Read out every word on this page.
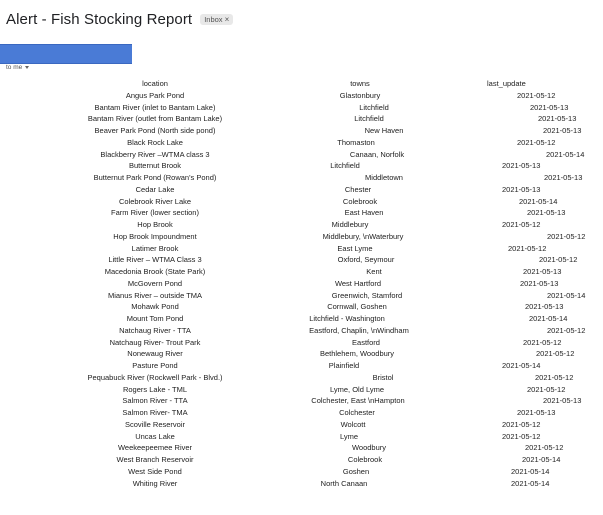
Alert - Fish Stocking Report Inbox ×
to me
location	towns	last_update
Angus Park Pond	Glastonbury	2021-05-12
Bantam River (inlet to Bantam Lake)	Litchfield	2021-05-13
Bantam River (outlet from Bantam Lake)	Litchfield	2021-05-13
Beaver Park Pond (North side pond)	New Haven	2021-05-13
Black Rock Lake	Thomaston	2021-05-12
Blackberry River –WTMA class 3	Canaan, Norfolk	2021-05-14
Butternut Brook	Litchfield	2021-05-13
Butternut Park Pond (Rowan's Pond)	Middletown	2021-05-13
Cedar Lake	Chester	2021-05-13
Colebrook River Lake	Colebrook	2021-05-14
Farm River (lower section)	East Haven	2021-05-13
Hop Brook	Middlebury	2021-05-12
Hop Brook Impoundment	Middlebury, \nWaterbury	2021-05-12
Latimer Brook	East Lyme	2021-05-12
Little River – WTMA Class 3	Oxford, Seymour	2021-05-12
Macedonia Brook (State Park)	Kent	2021-05-13
McGovern Pond	West Hartford	2021-05-13
Mianus River – outside TMA	Greenwich, Stamford	2021-05-14
Mohawk Pond	Cornwall, Goshen	2021-05-13
Mount Tom Pond	Litchfield - Washington	2021-05-14
Natchaug River - TTA	Eastford, Chaplin, \nWindham	2021-05-12
Natchaug River- Trout Park	Eastford	2021-05-12
Nonewaug River	Bethlehem, Woodbury	2021-05-12
Pasture Pond	Plainfield	2021-05-14
Pequabuck River (Rockwell Park - Blvd.)	Bristol	2021-05-12
Rogers Lake - TML	Lyme, Old Lyme	2021-05-12
Salmon River - TTA	Colchester, East \nHampton	2021-05-13
Salmon River- TMA	Colchester	2021-05-13
Scoville Reservoir	Wolcott	2021-05-12
Uncas Lake	Lyme	2021-05-12
Weekeepeemee River	Woodbury	2021-05-12
West Branch Reservoir	Colebrook	2021-05-14
West Side Pond	Goshen	2021-05-14
Whiting River	North Canaan	2021-05-14
